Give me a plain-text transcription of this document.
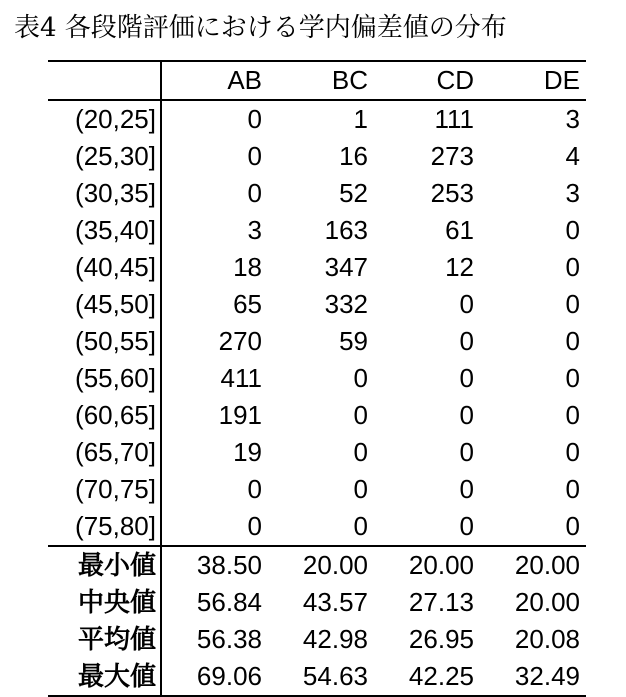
表4 各段階評価における学内偏差値の分布
	AB	BC	CD	DE
(20,25]	0	1	111	3
(25,30]	0	16	273	4
(30,35]	0	52	253	3
(35,40]	3	163	61	0
(40,45]	18	347	12	0
(45,50]	65	332	0	0
(50,55]	270	59	0	0
(55,60]	411	0	0	0
(60,65]	191	0	0	0
(65,70]	19	0	0	0
(70,75]	0	0	0	0
(75,80]	0	0	0	0
最小値	38.50	20.00	20.00	20.00
中央値	56.84	43.57	27.13	20.00
平均値	56.38	42.98	26.95	20.08
最大値	69.06	54.63	42.25	32.49
